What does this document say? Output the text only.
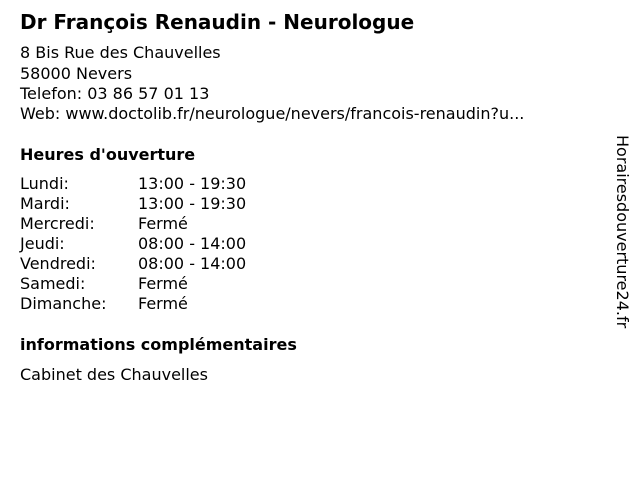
Dr François Renaudin - Neurologue
8 Bis Rue des Chauvelles
58000 Nevers
Telefon: 03 86 57 01 13
Web: www.doctolib.fr/neurologue/nevers/francois-renaudin?u...
Heures d'ouverture
Lundi:	13:00 - 19:30
Mardi:	13:00 - 19:30
Mercredi:	Fermé
Jeudi:	08:00 - 14:00
Vendredi:	08:00 - 14:00
Samedi:	Fermé
Dimanche: Fermé
informations complémentaires
Cabinet des Chauvelles
Horairesdouverture24.fr
